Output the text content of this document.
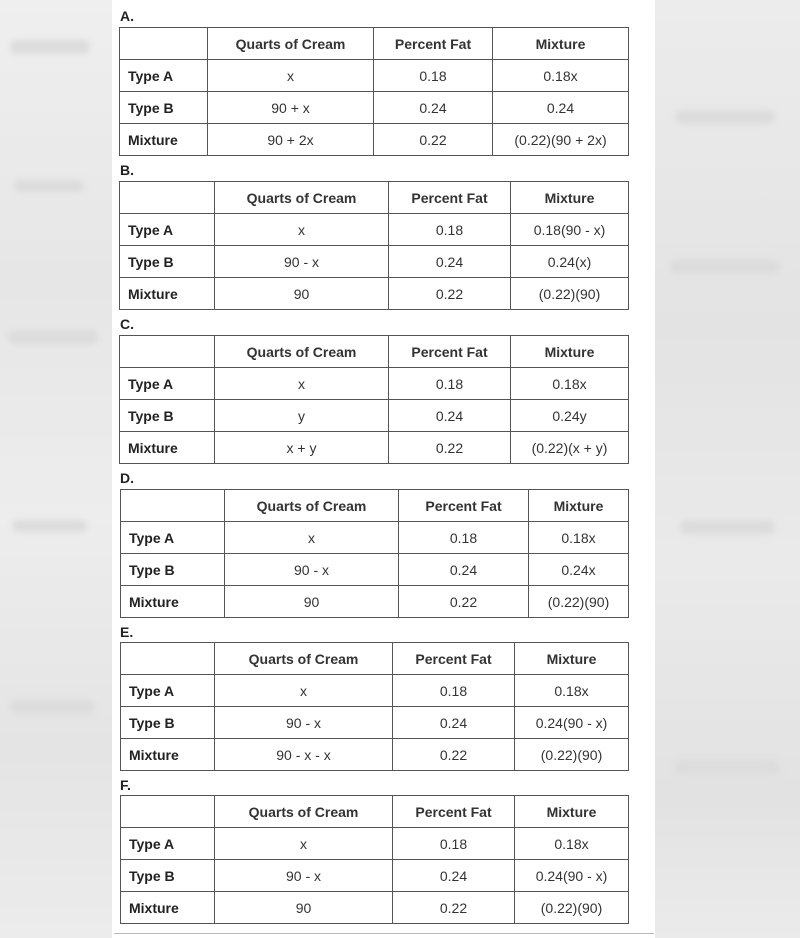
A.
	Quarts of Cream	Percent Fat	Mixture
Type A	x	0.18	0.18x
Type B	90 + x	0.24	0.24
Mixture	90 + 2x	0.22	(0.22)(90 + 2x)
B.
	Quarts of Cream	Percent Fat	Mixture
Type A	x	0.18	0.18(90 - x)
Type B	90 - x	0.24	0.24(x)
Mixture	90	0.22	(0.22)(90)
C.
	Quarts of Cream	Percent Fat	Mixture
Type A	x	0.18	0.18x
Type B	y	0.24	0.24y
Mixture	x + y	0.22	(0.22)(x + y)
D.
	Quarts of Cream	Percent Fat	Mixture
Type A	x	0.18	0.18x
Type B	90 - x	0.24	0.24x
Mixture	90	0.22	(0.22)(90)
E.
	Quarts of Cream	Percent Fat	Mixture
Type A	x	0.18	0.18x
Type B	90 - x	0.24	0.24(90 - x)
Mixture	90 - x - x	0.22	(0.22)(90)
F.
	Quarts of Cream	Percent Fat	Mixture
Type A	x	0.18	0.18x
Type B	90 - x	0.24	0.24(90 - x)
Mixture	90	0.22	(0.22)(90)
